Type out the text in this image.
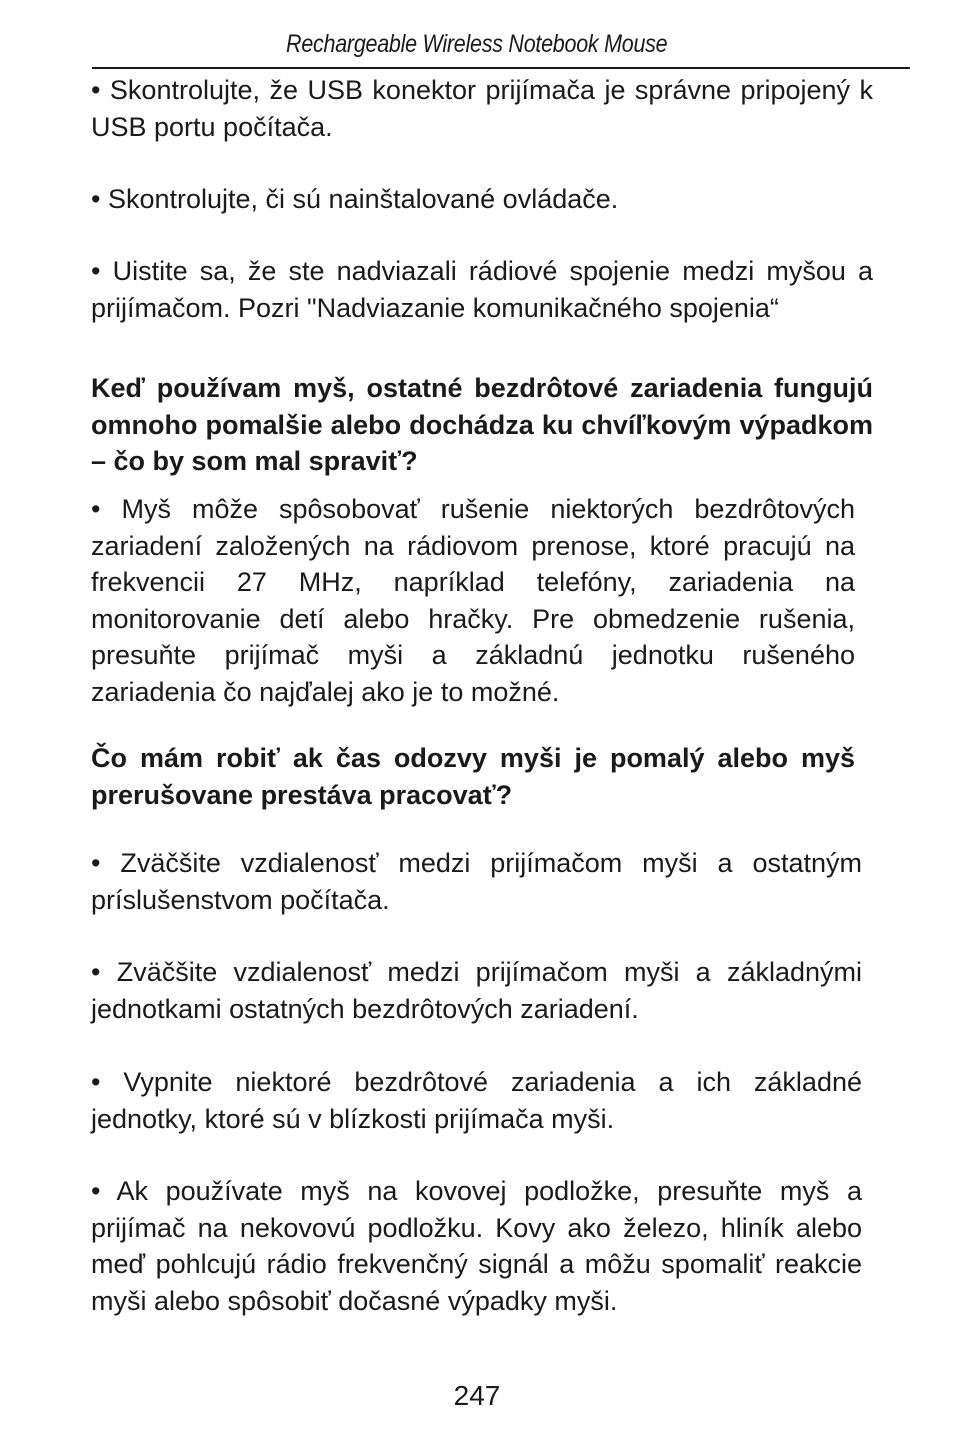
Rechargeable Wireless Notebook Mouse

• Skontrolujte, že USB konektor prijímača je správne pripojený k USB portu počítača.

• Skontrolujte, či sú nainštalované ovládače.

• Uistite sa, že ste nadviazali rádiové spojenie medzi myšou a prijímačom. Pozri "Nadviazanie komunikačného spojenia“

Keď používam myš, ostatné bezdrôtové zariadenia fungujú omnoho pomalšie alebo dochádza ku chvíľkovým výpadkom – čo by som mal spraviť?

• Myš môže spôsobovať rušenie niektorých bezdrôtových zariadení založených na rádiovom prenose, ktoré pracujú na frekvencii 27 MHz, napríklad telefóny, zariadenia na monitorovanie detí alebo hračky. Pre obmedzenie rušenia, presuňte prijímač myši a základnú jednotku rušeného zariadenia čo najďalej ako je to možné.

Čo mám robiť ak čas odozvy myši je pomalý alebo myš prerušovane prestáva pracovať?

• Zväčšite vzdialenosť medzi prijímačom myši a ostatným príslušenstvom počítača.

• Zväčšite vzdialenosť medzi prijímačom myši a základnými jednotkami ostatných bezdrôtových zariadení.

• Vypnite niektoré bezdrôtové zariadenia a ich základné jednotky, ktoré sú v blízkosti prijímača myši.

• Ak používate myš na kovovej podložke, presuňte myš a prijímač na nekovovú podložku. Kovy ako železo, hliník alebo meď pohlcujú rádio frekvenčný signál a môžu spomaliť reakcie myši alebo spôsobiť dočasné výpadky myši.

247
